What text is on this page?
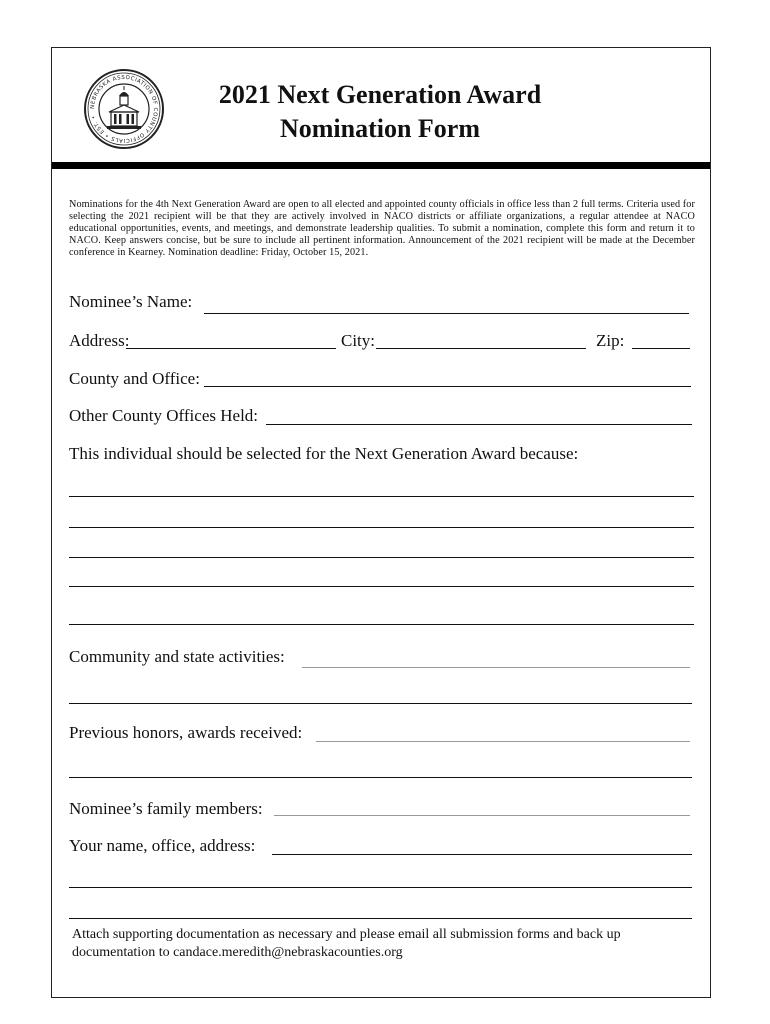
NEBRASKA ASSOCIATION OF COUNTY OFFICIALS • EST. •
2021 Next Generation Award
Nomination Form
Nominations for the 4th Next Generation Award are open to all elected and appointed county officials in office less than 2 full terms. Criteria used for selecting the 2021 recipient will be that they are actively involved in NACO districts or affiliate organizations, a regular attendee at NACO educational opportunities, events, and meetings, and demonstrate leadership qualities. To submit a nomination, complete this form and return it to NACO. Keep answers concise, but be sure to include all pertinent information. Announcement of the 2021 recipient will be made at the December conference in Kearney. Nomination deadline: Friday, October 15, 2021.
Nominee’s Name:
Address:	City:	Zip:
County and Office:
Other County Offices Held:
This individual should be selected for the Next Generation Award because:
Community and state activities:
Previous honors, awards received:
Nominee’s family members:
Your name, office, address:
Attach supporting documentation as necessary and please email all submission forms and back up
documentation to candace.meredith@nebraskacounties.org
